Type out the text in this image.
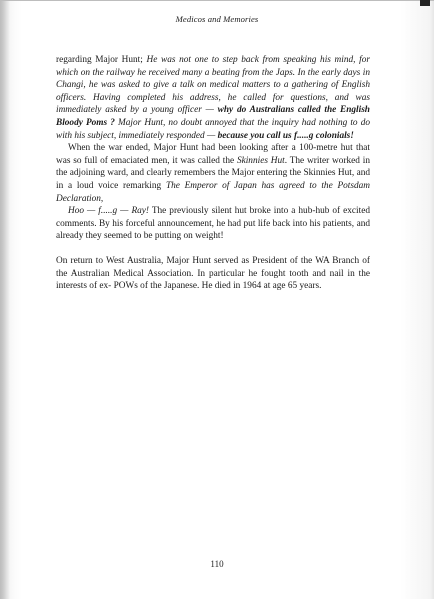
Medicos and Memories

regarding Major Hunt; He was not one to step back from speaking his mind, for which on the railway he received many a beating from the Japs. In the early days in Changi, he was asked to give a talk on medical matters to a gathering of English officers. Having completed his address, he called for questions, and was immediately asked by a young officer — why do Australians called the English Bloody Poms ? Major Hunt, no doubt annoyed that the inquiry had nothing to do with his subject, immediately responded — because you call us f.....g colonials!

When the war ended, Major Hunt had been looking after a 100-metre hut that was so full of emaciated men, it was called the Skinnies Hut. The writer worked in the adjoining ward, and clearly remembers the Major entering the Skinnies Hut, and in a loud voice remarking The Emperor of Japan has agreed to the Potsdam Declaration,

Hoo — f.....g — Ray! The previously silent hut broke into a hub-hub of excited comments. By his forceful announcement, he had put life back into his patients, and already they seemed to be putting on weight!

On return to West Australia, Major Hunt served as President of the WA Branch of the Australian Medical Association. In particular he fought tooth and nail in the interests of ex- POWs of the Japanese. He died in 1964 at age 65 years.

110
